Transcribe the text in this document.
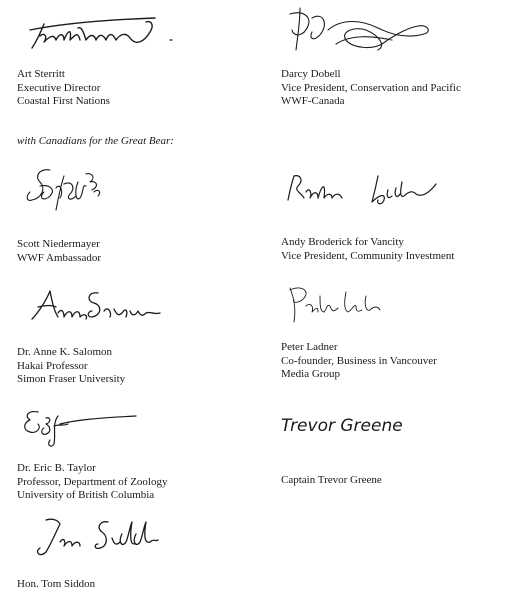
Art Sterritt
Executive Director
Coastal First Nations
Darcy Dobell
Vice President, Conservation and Pacific
WWF-Canada
with Canadians for the Great Bear:
Scott Niedermayer
WWF Ambassador
Andy Broderick for Vancity
Vice President, Community Investment
Dr. Anne K. Salomon
Hakai Professor
Simon Fraser University
Peter Ladner
Co-founder, Business in Vancouver
Media Group
Dr. Eric B. Taylor
Professor, Department of Zoology
University of British Columbia
Trevor Greene
Captain Trevor Greene
Hon. Tom Siddon
